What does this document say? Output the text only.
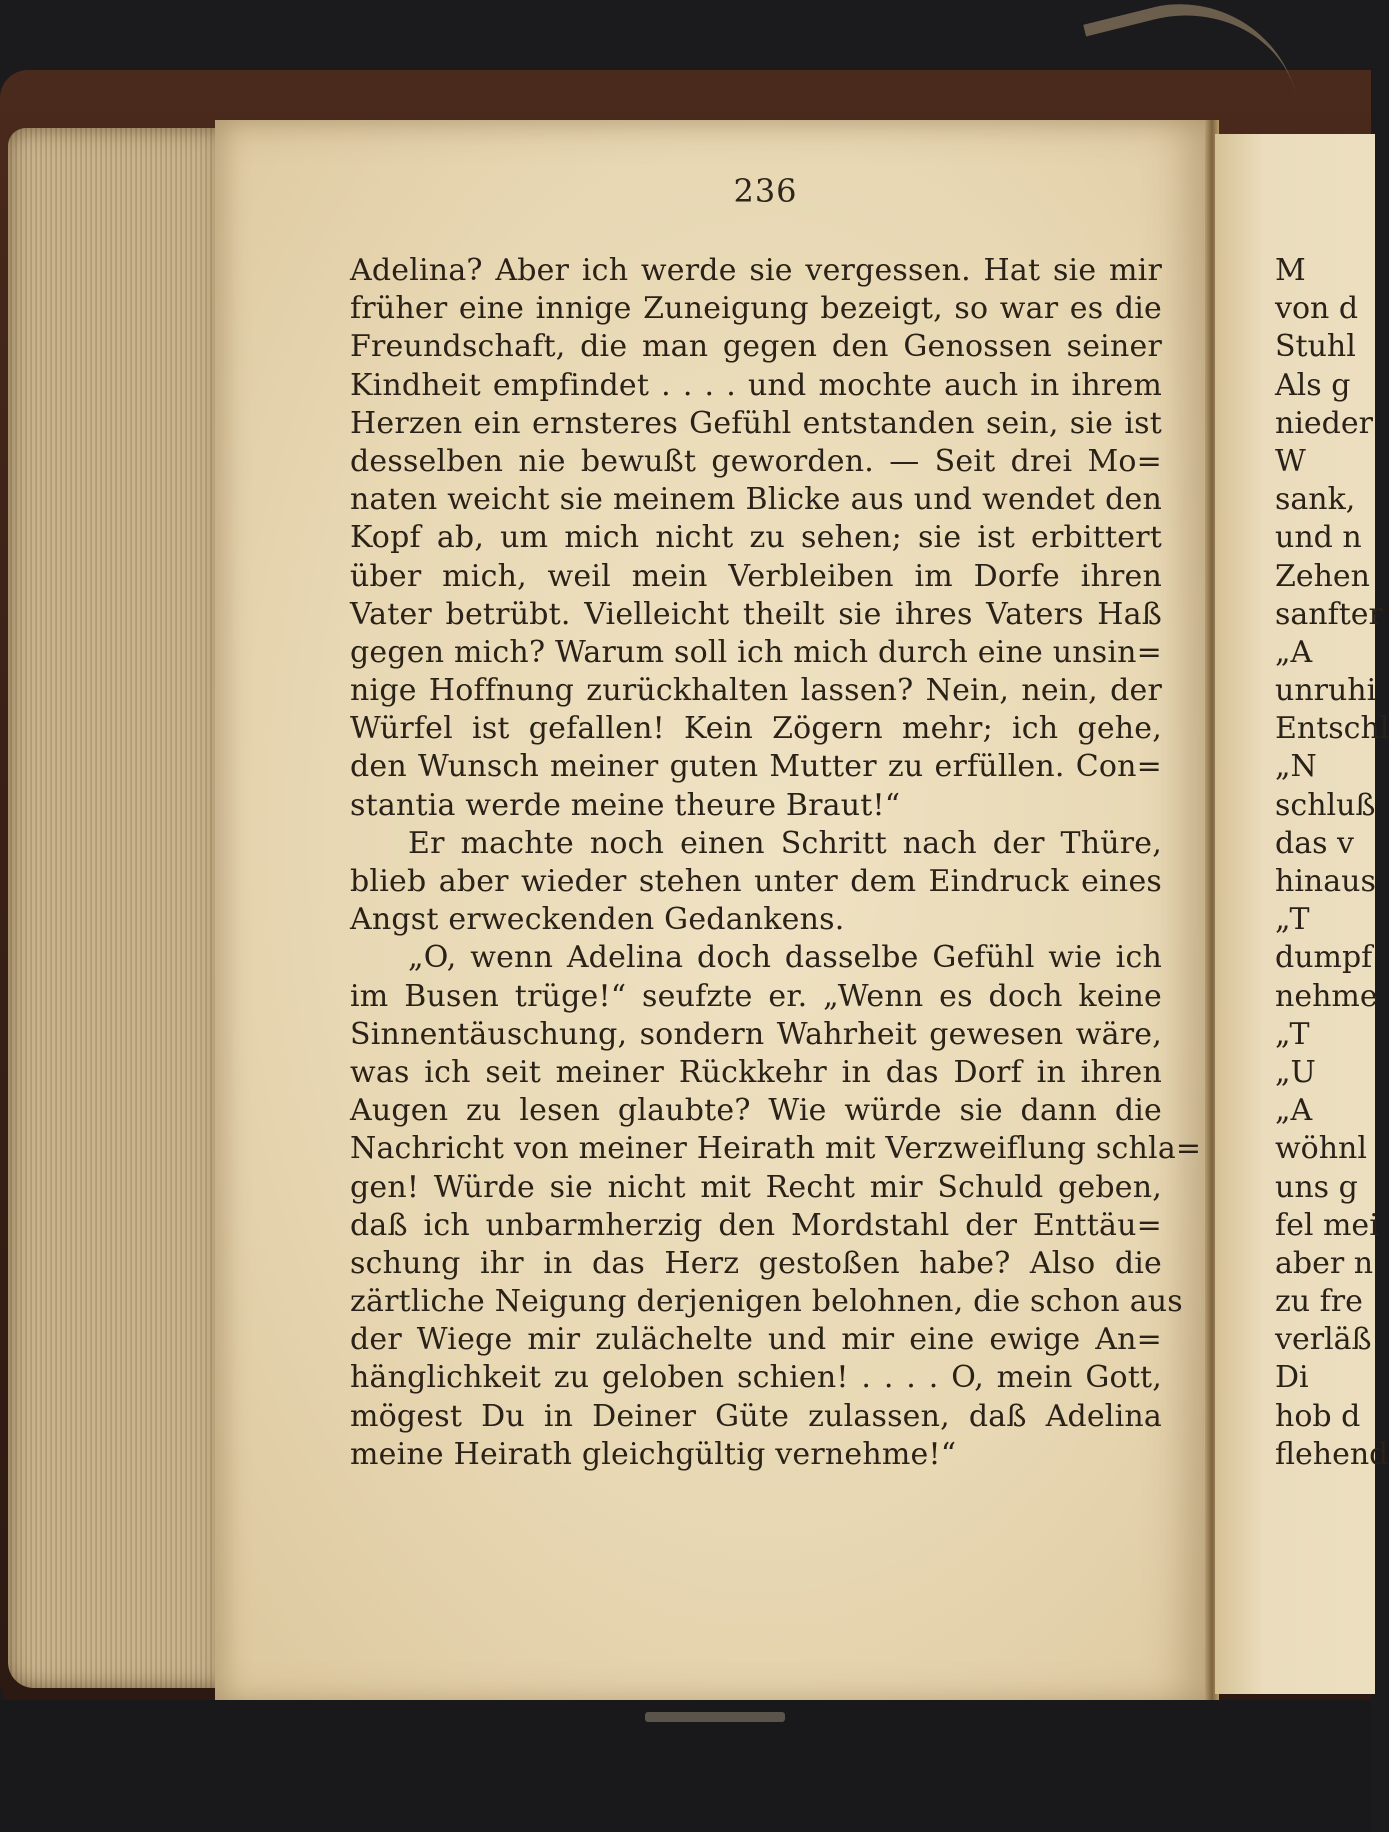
236
Adelina? Aber ich werde sie vergessen. Hat sie mir
früher eine innige Zuneigung bezeigt, so war es die
Freundschaft, die man gegen den Genossen seiner
Kindheit empfindet . . . . und mochte auch in ihrem
Herzen ein ernsteres Gefühl entstanden sein, sie ist
desselben nie bewußt geworden. — Seit drei Mo=
naten weicht sie meinem Blicke aus und wendet den
Kopf ab, um mich nicht zu sehen; sie ist erbittert
über mich, weil mein Verbleiben im Dorfe ihren
Vater betrübt. Vielleicht theilt sie ihres Vaters Haß
gegen mich? Warum soll ich mich durch eine unsin=
nige Hoffnung zurückhalten lassen? Nein, nein, der
Würfel ist gefallen! Kein Zögern mehr; ich gehe,
den Wunsch meiner guten Mutter zu erfüllen. Con=
stantia werde meine theure Braut!“
Er machte noch einen Schritt nach der Thüre,
blieb aber wieder stehen unter dem Eindruck eines
Angst erweckenden Gedankens.
„O, wenn Adelina doch dasselbe Gefühl wie ich
im Busen trüge!“ seufzte er. „Wenn es doch keine
Sinnentäuschung, sondern Wahrheit gewesen wäre,
was ich seit meiner Rückkehr in das Dorf in ihren
Augen zu lesen glaubte? Wie würde sie dann die
Nachricht von meiner Heirath mit Verzweiflung schla=
gen! Würde sie nicht mit Recht mir Schuld geben,
daß ich unbarmherzig den Mordstahl der Enttäu=
schung ihr in das Herz gestoßen habe? Also die
zärtliche Neigung derjenigen belohnen, die schon aus
der Wiege mir zulächelte und mir eine ewige An=
hänglichkeit zu geloben schien! . . . . O, mein Gott,
mögest Du in Deiner Güte zulassen, daß Adelina
meine Heirath gleichgültig vernehme!“
M
von d
Stuhl
Als g
nieder
W
sank,
und n
Zehen
sanfter
„A
unruhi
Entschl
„N
schluß
das v
hinaus
„T
dumpf
nehme
„T
„U
„A
wöhnl
uns g
fel mei
aber n
zu fre
verläß
Di
hob d
flehend
